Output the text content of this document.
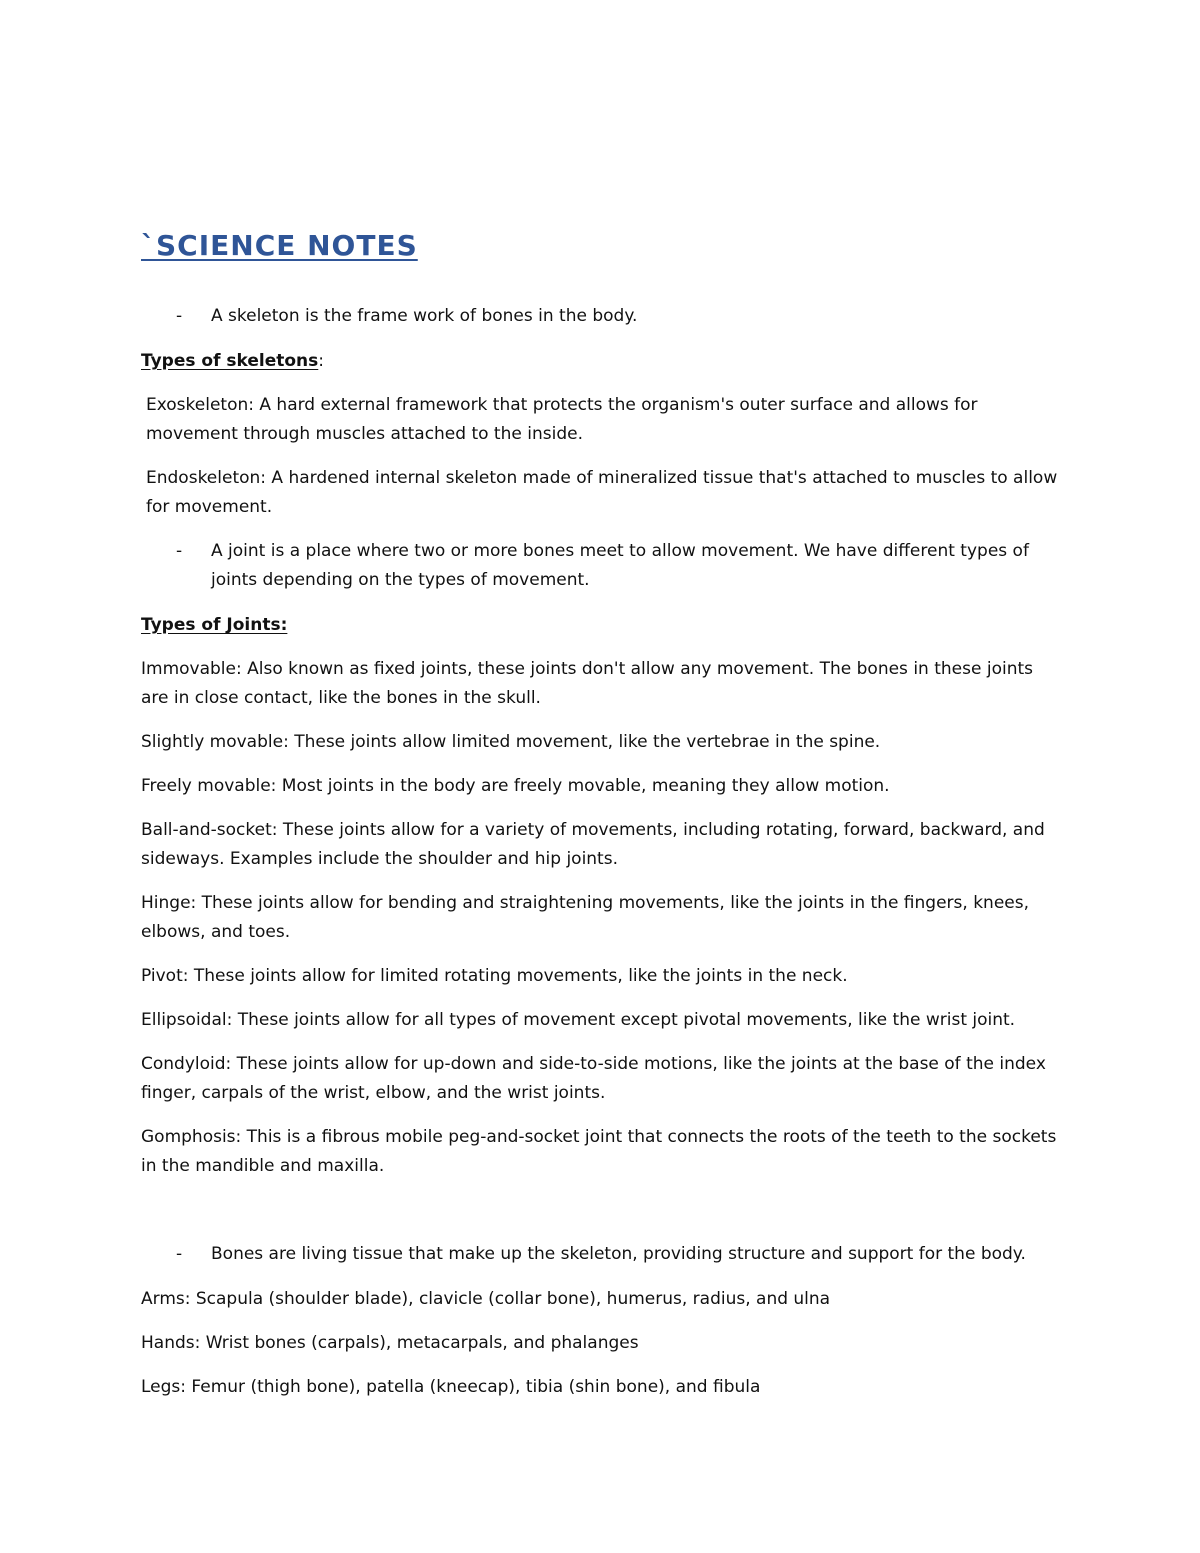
`SCIENCE NOTES
- A skeleton is the frame work of bones in the body.
Types of skeletons:
Exoskeleton: A hard external framework that protects the organism's outer surface and allows for movement through muscles attached to the inside.
Endoskeleton: A hardened internal skeleton made of mineralized tissue that's attached to muscles to allow for movement.
- A joint is a place where two or more bones meet to allow movement. We have different types of joints depending on the types of movement.
Types of Joints:
Immovable: Also known as fixed joints, these joints don't allow any movement. The bones in these joints are in close contact, like the bones in the skull.
Slightly movable: These joints allow limited movement, like the vertebrae in the spine.
Freely movable: Most joints in the body are freely movable, meaning they allow motion.
Ball-and-socket: These joints allow for a variety of movements, including rotating, forward, backward, and sideways. Examples include the shoulder and hip joints.
Hinge: These joints allow for bending and straightening movements, like the joints in the fingers, knees, elbows, and toes.
Pivot: These joints allow for limited rotating movements, like the joints in the neck.
Ellipsoidal: These joints allow for all types of movement except pivotal movements, like the wrist joint.
Condyloid: These joints allow for up-down and side-to-side motions, like the joints at the base of the index finger, carpals of the wrist, elbow, and the wrist joints.
Gomphosis: This is a fibrous mobile peg-and-socket joint that connects the roots of the teeth to the sockets in the mandible and maxilla.
- Bones are living tissue that make up the skeleton, providing structure and support for the body.
Arms: Scapula (shoulder blade), clavicle (collar bone), humerus, radius, and ulna
Hands: Wrist bones (carpals), metacarpals, and phalanges
Legs: Femur (thigh bone), patella (kneecap), tibia (shin bone), and fibula
